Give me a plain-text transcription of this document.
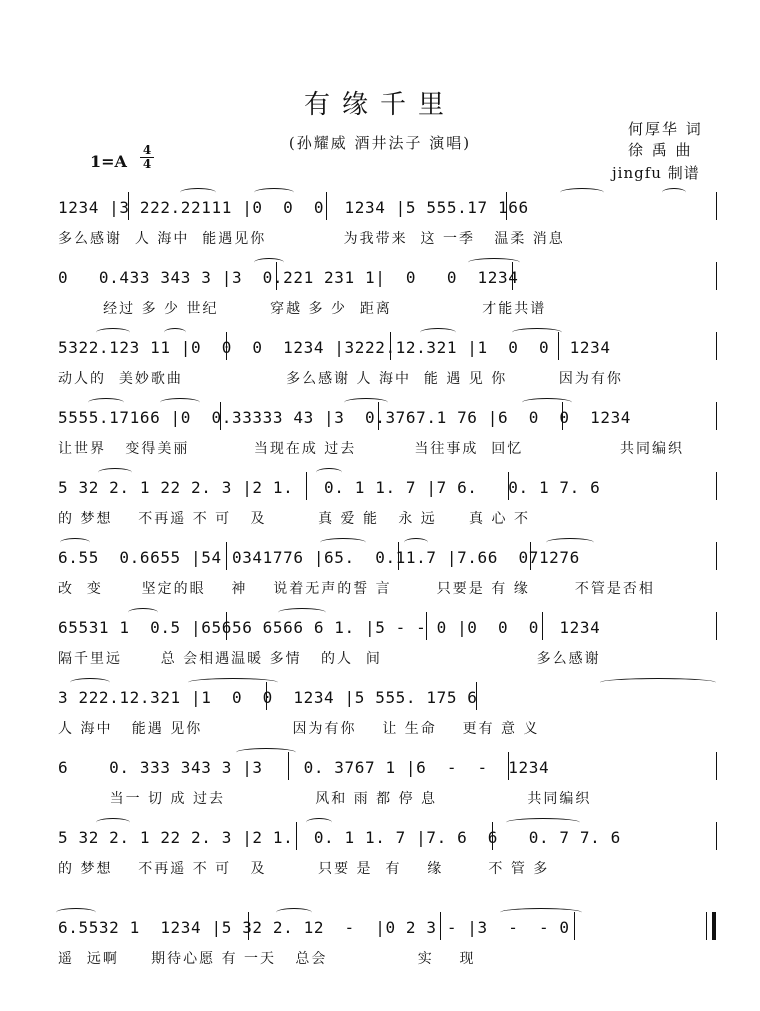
有缘千里
(孙耀威 酒井法子 演唱)
何厚华 词
徐 禹 曲
jingfu 制谱
1=A
4
4
1234 |3 222.22111 |0  0  0  1234 |5 555.17 166
多么感谢  人 海中  能遇见你            为我带来  这 一季   温柔 消息
0   0.433 343 3 |3  0.221 231 1|  0   0  1234
经过 多 少 世纪        穿越 多 少  距离              才能共谱
5322.123 11 |0  0  0  1234 |3222.12.321 |1  0  0  1234
动人的  美妙歌曲                多么感谢 人 海中  能 遇 见 你        因为有你
5555.17166 |0  0.33333 43 |3  0.3767.1 76 |6  0  0  1234
让世界   变得美丽          当现在成 过去         当往事成  回忆               共同编织
5 32 2. 1 22 2. 3 |2 1.   0. 1 1. 7 |7 6.   0. 1 7. 6
的 梦想    不再遥 不 可   及        真 爱 能   永 远     真 心 不
6.55  0.6655 |54 0341776 |65.  0.11.7 |7.66  071276
改  变      坚定的眼    神    说着无声的誓 言       只要是 有 缘       不管是否相
65531 1  0.5 |65656 6566 6 1. |5 - - 0 |0  0  0  1234
隔千里远      总 会相遇温暖 多情   的人  间                        多么感谢
3 222.12.321 |1  0  0  1234 |5 555. 175 6
人 海中   能遇 见你              因为有你    让 生命    更有 意 义
6    0. 333 343 3 |3    0. 3767 1 |6  -  -  1234
当一 切 成 过去              风和 雨 都 停 息              共同编织
5 32 2. 1 22 2. 3 |2 1.  0. 1 1. 7 |7. 6  6   0. 7 7. 6
的 梦想    不再遥 不 可   及        只要 是  有    缘       不 管 多
6.5532 1  1234 |5 32 2. 12  -  |0 2 3 - |3  -  - 0
遥  远啊     期待心愿 有 一天   总会              实    现
